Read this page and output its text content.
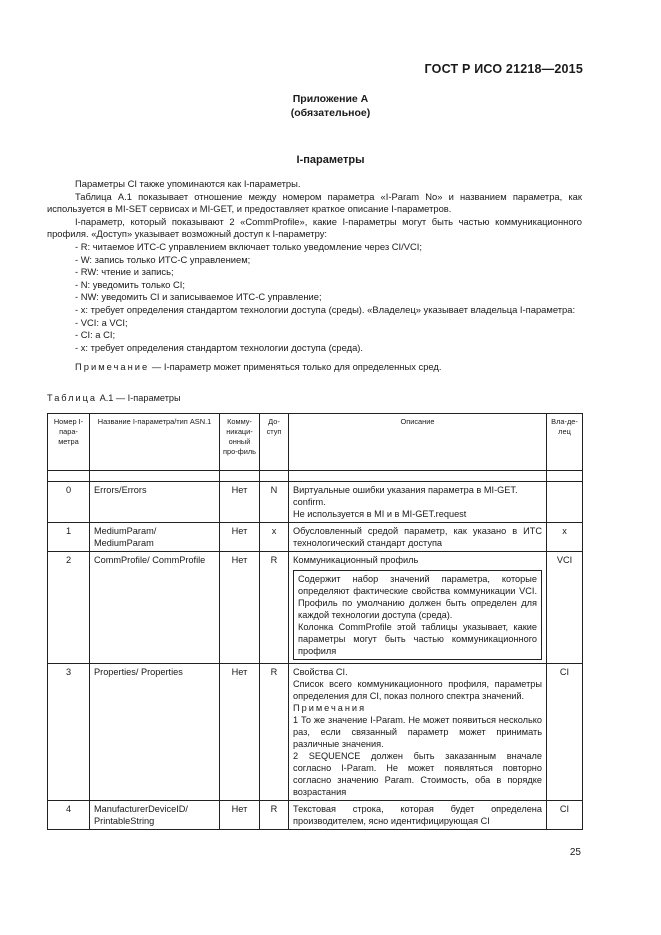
ГОСТ Р ИСО 21218—2015
Приложение А
(обязательное)
I-параметры

Параметры CI также упоминаются как I-параметры.

Таблица А.1 показывает отношение между номером параметра «I-Param No» и названием параметра, как используется в MI-SET сервисах и MI-GET, и предоставляет краткое описание I-параметров.

I-параметр, который показывают 2 «CommProfile», какие I-параметры могут быть частью коммуникационного профиля. «Доступ» указывает возможный доступ к I-параметру:

- R: читаемое ИТС-С управлением включает только уведомление через CI/VCI;

- W: запись только ИТС-С управлением;

- RW: чтение и запись;

- N: уведомить только CI;

- NW: уведомить CI и записываемое ИТС-С управление;

- x: требует определения стандартом технологии доступа (среды). «Владелец» указывает владельца I-параметра:

- VCI: a VCI;

- CI: a CI;

- x: требует определения стандартом технологии доступа (среда).

Примечание — I-параметр может применяться только для определенных сред.

Таблица А.1 — I-параметры
Номер I-пара-метра	Название I-параметра/тип ASN.1	Комму-никаци-онный про-филь	До-ступ	Описание	Вла-де-лец

0	Errors/Errors	Нет	N	Виртуальные ошибки указания параметра в MI-GET. confirm.
Не используется в MI и в MI-GET.request	

1	MediumParam/ MediumParam	Нет	x	Обусловленный средой параметр, как указано в ИТС технологический стандарт доступа	x
2	CommProfile/ CommProfile	Нет	R	Коммуникационный профиль
Содержит набор значений параметра, которые определяют фактические свойства коммуникации VCI. Профиль по умолчанию должен быть определен для каждой технологии доступа (среда).
Колонка CommProfile этой таблицы указывает, какие параметры могут быть частью коммуникационного профиля	VCI
3	Properties/ Properties	Нет	R	Свойства CI.
Список всего коммуникационного профиля, параметры определения для CI, показ полного спектра значений.
Примечания
1 То же значение I-Param. Не может появиться несколько раз, если связанный параметр может принимать различные значения.
2 SEQUENCE должен быть заказанным вначале согласно I-Param. Не может появляться повторно согласно значению Param. Стоимость, оба в порядке возрастания	CI
4	ManufacturerDeviceID/ PrintableString	Нет	R	Текстовая строка, которая будет определена производителем, ясно идентифицирующая CI	CI
25
